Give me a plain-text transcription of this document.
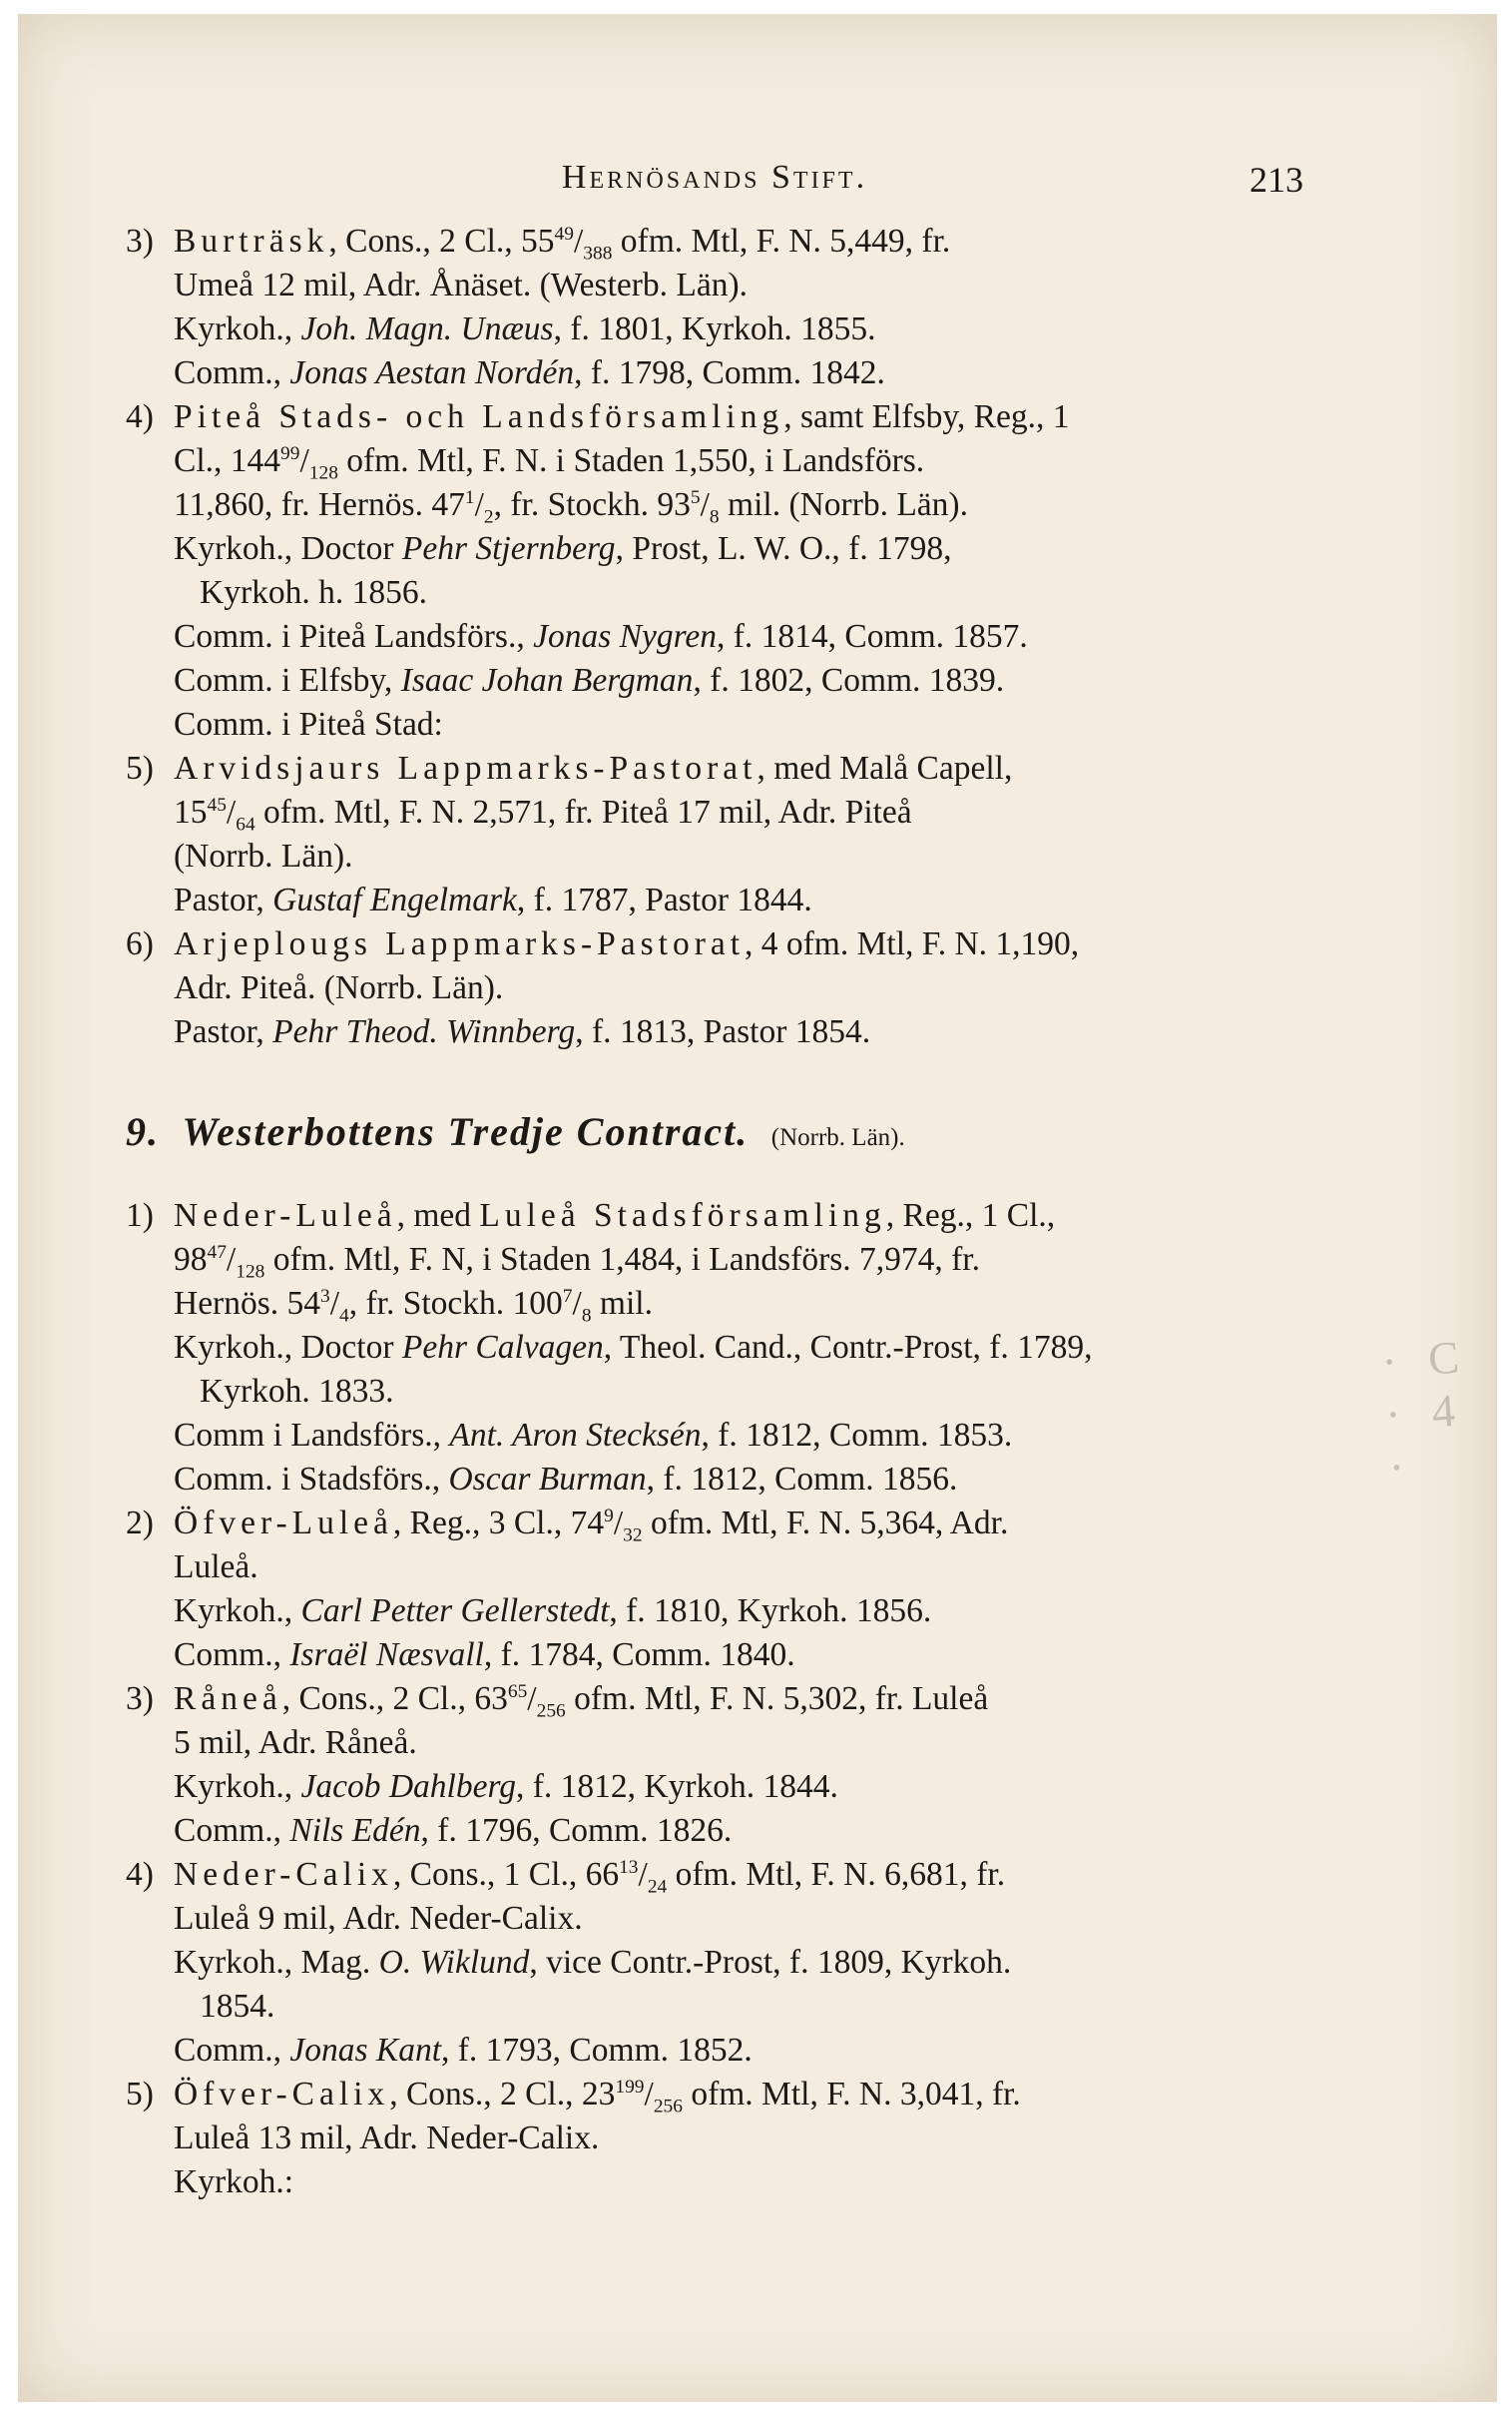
· C · 4 ·
Hernösands Stift.	213
3) Burträsk, Cons., 2 Cl., $55^{49}/_{388}$ ofm. Mtl, F. N. 5,449, fr.
Umeå 12 mil, Adr. Ånäset. (Westerb. Län).
Kyrkoh., Joh. Magn. Unæus, f. 1801, Kyrkoh. 1855.
Comm., Jonas Aestan Nordén, f. 1798, Comm. 1842.
4) Piteå Stads- och Landsförsamling, samt Elfsby, Reg., 1
Cl., $144^{99}/_{128}$ ofm. Mtl, F. N. i Staden 1,550, i Landsförs.
11,860, fr. Hernös. $47^1/_2$, fr. Stockh. $93^5/_8$ mil. (Norrb. Län).
Kyrkoh., Doctor Pehr Stjernberg, Prost, L. W. O., f. 1798,
Kyrkoh. h. 1856.
Comm. i Piteå Landsförs., Jonas Nygren, f. 1814, Comm. 1857.
Comm. i Elfsby, Isaac Johan Bergman, f. 1802, Comm. 1839.
Comm. i Piteå Stad:
5) Arvidsjaurs Lappmarks-Pastorat, med Malå Capell,
$15^{45}/_{64}$ ofm. Mtl, F. N. 2,571, fr. Piteå 17 mil, Adr. Piteå
(Norrb. Län).
Pastor, Gustaf Engelmark, f. 1787, Pastor 1844.
6) Arjeplougs Lappmarks-Pastorat, 4 ofm. Mtl, F. N. 1,190,
Adr. Piteå. (Norrb. Län).
Pastor, Pehr Theod. Winnberg, f. 1813, Pastor 1854.
9. Westerbottens Tredje Contract. (Norrb. Län).
1) Neder-Luleå, med Luleå Stadsförsamling, Reg., 1 Cl.,
$98^{47}/_{128}$ ofm. Mtl, F. N, i Staden 1,484, i Landsförs. 7,974, fr.
Hernös. $54^3/_4$, fr. Stockh. $100^7/_8$ mil.
Kyrkoh., Doctor Pehr Calvagen, Theol. Cand., Contr.-Prost, f. 1789,
Kyrkoh. 1833.
Comm i Landsförs., Ant. Aron Stecksén, f. 1812, Comm. 1853.
Comm. i Stadsförs., Oscar Burman, f. 1812, Comm. 1856.
2) Öfver-Luleå, Reg., 3 Cl., $74^9/_{32}$ ofm. Mtl, F. N. 5,364, Adr.
Luleå.
Kyrkoh., Carl Petter Gellerstedt, f. 1810, Kyrkoh. 1856.
Comm., Israël Næsvall, f. 1784, Comm. 1840.
3) Råneå, Cons., 2 Cl., $63^{65}/_{256}$ ofm. Mtl, F. N. 5,302, fr. Luleå
5 mil, Adr. Råneå.
Kyrkoh., Jacob Dahlberg, f. 1812, Kyrkoh. 1844.
Comm., Nils Edén, f. 1796, Comm. 1826.
4) Neder-Calix, Cons., 1 Cl., $66^{13}/_{24}$ ofm. Mtl, F. N. 6,681, fr.
Luleå 9 mil, Adr. Neder-Calix.
Kyrkoh., Mag. O. Wiklund, vice Contr.-Prost, f. 1809, Kyrkoh.
1854.
Comm., Jonas Kant, f. 1793, Comm. 1852.
5) Öfver-Calix, Cons., 2 Cl., $23^{199}/_{256}$ ofm. Mtl, F. N. 3,041, fr.
Luleå 13 mil, Adr. Neder-Calix.
Kyrkoh.:
